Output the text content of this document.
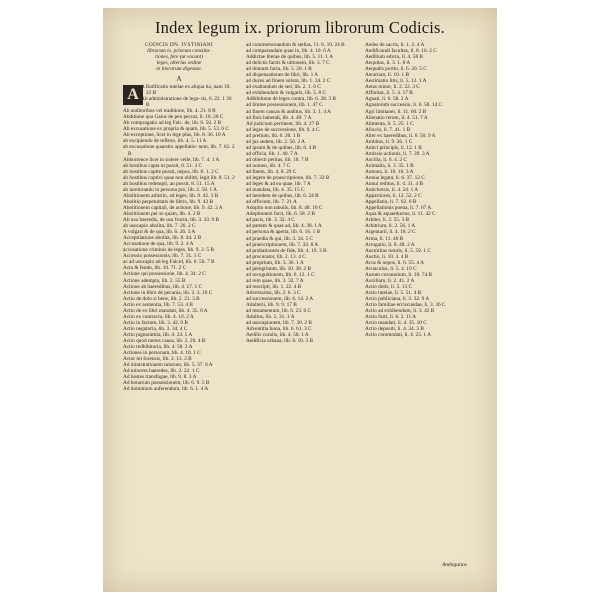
Index legum ix. priorum librorum Codicis.
CODICIS DN. IVSTINIANI
librorum ix. priorum constitu-
tiones, fere (ut vocant)
leges, alterius ordine
in literarum digestae.
A
A A Ratificatio tutelae ex aliqua ita, nam 10. 22 B
Ab administratione de lega- tis, 6. 22. 1 30 B
Ab auditoribus vel traditione, lib. 4. 21. 8 B
Abditione qua Gaius de pen peccat, li. 10. 28 C
Ab compragatio ad leg Falc. de, lib. 6. 50. 2 B
Ab excusatione ex propria & quam, lib. 5. 53. 6 C
Ab exceptione, licet in lege plus, lib. 8. 36. 10 A
ab excipiendo de reflexe, lib. 4. 5. 11 A
ab excusatione quaestio appellatio- nem, lib. 7. 62. 2 B
Abhorrence licet in sistere velle, lib. 7. 4. 1 A
ab hostibus capta ut possit, 8. 51. 3 C
ab hostibus capite possit, nepos, lib. 8. 1. 2 C
ab hostibus captivi quae non oblitti, legit lib. 8. 51. 2
ab hostibus redempti, an possit, 8. 51. 15 A
ab iureiurando in persona pro, lib. 2. 58. 1 A
Abolitionem arbitrio, ad leges, lib. 9. 42. 3 B
Abolitio perpetuitatis de libris, lib. 9. 43 B
Abolitionem capitali, de actione, lib. 9. 42. 2 A
Abolitionem per se quam, lib. 4. 2 B
Ab usu haeredis, de usu fructu, lib. 3. 33. 9 B
ab usucapio abolita, lib. 7. 26. 2 C
A vulgari & de qua, lib. 6. 26. 3 A
Acceptilatione abolita, lib. 8. 44. 2 B
Accusatione de qua, lib. 9. 2. 4 A
accusatione criminis de leges, lib. 9. 2. 5 B
Accessio possessionis, lib. 7. 31. 1 C
ac ad usucapio ad leg Falcid, lib. 6. 50. 7 B
Acta & fendo, lib. 10. 71. 2 C
Actione qui possessione, lib. 4. 34. 2 C
Actione adempta, lib. 2. 55 B
Actione ab haeredibus, lib. 4. 17. 1 C
Actione in libro de pecunia, lib. 2. 3. 10 C
Actio de dolo si bene, lib. 2. 21. 3 B
Actio ex sententia, lib. 7. 53. 4 B
Actio de ex libri mandati, lib. 4. 35. 6 A
Actio ex contractu, lib. 4. 10. 2 A
Actio in factum, lib. 3. 42. 9 B
Actio negatoria, lib. 3. 34. 4 C
Actio pignoratitia, lib. 4. 24. 5 A
Actio quod metus causa, lib. 2. 20. 4 B
Actio redhibitoria, lib. 4. 58. 2 A
Actiones in personam, lib. 4. 10. 1 C
Actor rei forensis, lib. 2. 13. 2 B
Ad ministrationem tutorum, lib. 5. 37. 6 A
Ad minores haeredes, lib. 2. 22. 1 C
Ad hostes transfugae, lib. 9. 8. 3 A
Ad bonorum possessionem, lib. 6. 9. 5 B
Ad dominium auferendum, lib. 6. 1. 4 A
ad commemorandum & stellas, 11. 6. 10. 24 B
ad comparandam quae in, lib. 4. 10. 6 A
Addictae literae de quibus, lib. 5. 11. 1 A
ad delictis factis & ultionem, lib. 3. 7 C
ad domum facta, lib. 5. 20. 1 B
ad dispensationes de libri, lib. 1 A
ad duces ad finem solum, lib. 1. 34. 2 C
ad exaltandum de sed, lib. 2. 1. 6 C
ad exhibendum & vulgaris, lib. 5. 8 C
Adhibitione de leges contra, lib. 6. 28. 3 B
ad limine possessionem, lib. 1. 47 C
ad finem causas & auditus, lib. 3. 1. 4 A
ad finis habendi, lib. 4. 40. 7 A
Ad judicium pertinent, lib. 4. 27 B
ad leges de successione, lib. 9. 4 C
ad pretium, lib. 6. 20. 1 B
ad jus sedem, lib. 2. 56. 2 A
ad ipsum & de quibus, lib. 6. 4 B
ad officia, lib. 1. 40. 7 A
ad obiecti peritas, lib. 10. 7 B
ad nomen, lib. 4. 7 C
ad finem, lib. 4. 8. 29 C
ad legem de praescriptione, lib. 7. 33 B
ad leges & ad ea quae, lib. 7 A
ad mandata, lib. 4. 35. 15 C
ad heredem de quibus, lib. 6. 24 B
ad officium, lib. 7. 21 A
Adoptio non tabulis, lib. 8. 48. 10 C
Adoptionem facit, lib. 6. 58. 2 B
ad pacis, lib. 3. 32. 4 C
ad partem & quae ad, lib. 4. 38. 1 A
ad persona & aperta, lib. 6. 16. 1 B
ad praedia & qui, lib. 3. 34. 5 C
ad praescriptionem, lib. 7. 33. 8 A
ad probationem de fide, lib. 4. 19. 3 B
ad procurator, lib. 2. 13. 4 C
ad proprium, lib. 3. 36. 1 A
ad peregrinum, lib. 10. 38. 2 B
ad recognitionem, lib. 6. 12. 1 C
ad rem quae, lib. 3. 32. 7 A
ad rescripti, lib. 1. 22. 4 B
Adversarius, lib. 2. 6. 3 C
ad successionem, lib. 6. 14. 2 A
Adulterii, lib. 9. 9. 17 B
ad testamentum, lib. 6. 23. 6 C
Adultus, lib. 5. 31. 1 A
ad usucapionem, lib. 7. 30. 2 B
Adventitia bona, lib. 6. 61. 3 C
Aedilis curulis, lib. 4. 58. 1 A
Aedificia urbana, lib. 8. 10. 3 B
Aedes de sacris, li. 1. 2. 4 A
Aedificandi facultas, li. 8. 10. 2 C
Aedilium edicto, li. 4. 58 B
Aequitas, li. 3. 1. 8 A
Aequalis portio, li. 6. 20. 5 C
Aerarium, li. 10. 1 B
Aestimatio litis, li. 5. 12. 1 A
Aetas minor, li. 2. 22. 3 C
Affinitas, li. 5. 4. 17 B
Agnati, li. 6. 58. 2 A
Agnatorum successio, li. 6. 58. 14 C
Agri limitanei, li. 11. 60. 2 B
Alienatio rerum, li. 4. 51. 7 A
Alimenta, li. 5. 25. 1 C
Alluvio, li. 7. 41. 1 B
Alter ex haeredibus, li. 6. 50. 9 A
Ambitus, li. 9. 26. 1 C
Amici principis, li. 12. 1 B
Amissio actionis, li. 7. 39. 3 A
Ancilla, li. 6. 4. 2 C
Animalia, li. 3. 35. 1 B
Annona, li. 10. 16. 3 A
Annua legata, li. 6. 37. 12 C
Annui reditus, li. 4. 31. 4 B
Antichresis, li. 4. 24. 1 A
Apparitores, li. 12. 52. 2 C
Appellatio, li. 7. 62. 6 B
Appellationis poena, li. 7. 67 A
Aqua & aquaeductus, li. 11. 42 C
Arbiter, li. 2. 55. 3 B
Arbitrium, li. 2. 56. 1 A
Argentarii, li. 4. 18. 2 C
Arma, li. 11. 46 B
Arrogatio, li. 8. 48. 2 A
Auctoritas tutoris, li. 5. 59. 1 C
Auctio, li. 10. 3. 4 B
Avus & nepos, li. 6. 55. 4 A
Avunculus, li. 5. 4. 19 C
Aurum coronarium, li. 10. 74 B
Auxilium, li. 2. 41. 2 A
Actio dotis, li. 5. 13 C
Actio tutelae, li. 5. 51. 4 B
Actio publiciana, li. 3. 32. 9 A
Actio familiae erciscundae, li. 3. 36 C
Actio ad exhibendum, li. 3. 42 B
Actio furti, li. 6. 2. 11 A
Actio mandati, li. 4. 35. 10 C
Actio depositi, li. 4. 34. 3 B
Actio commodati, li. 4. 23. 1 A
Ambiguitas
